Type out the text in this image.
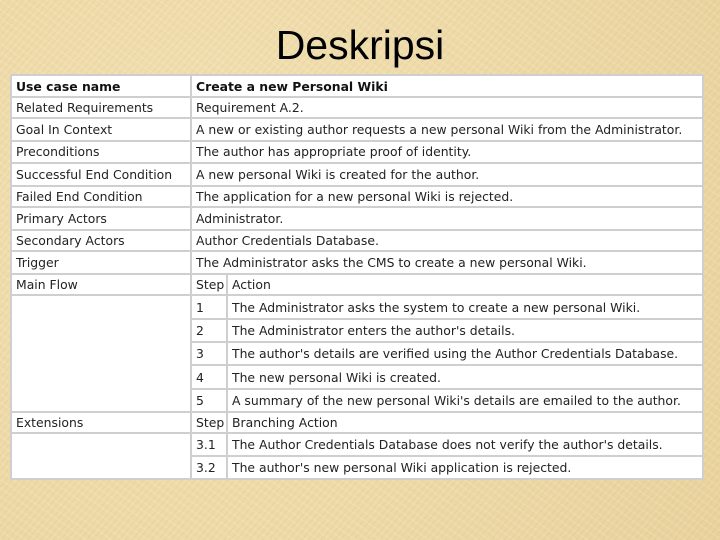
Deskripsi
Use case name	Create a new Personal Wiki	
Related Requirements	Requirement A.2.	
Goal In Context	A new or existing author requests a new personal Wiki from the Administrator.	
Preconditions	The author has appropriate proof of identity.	
Successful End Condition	A new personal Wiki is created for the author.	
Failed End Condition	The application for a new personal Wiki is rejected.	
Primary Actors	Administrator.	
Secondary Actors	Author Credentials Database.	
Trigger	The Administrator asks the CMS to create a new personal Wiki.	
Main Flow	Step	Action
	1	The Administrator asks the system to create a new personal Wiki.
	2	The Administrator enters the author's details.
	3	The author's details are verified using the Author Credentials Database.
	4	The new personal Wiki is created.
	5	A summary of the new personal Wiki's details are emailed to the author.
Extensions	Step	Branching Action
	3.1	The Author Credentials Database does not verify the author's details.
	3.2	The author's new personal Wiki application is rejected.
